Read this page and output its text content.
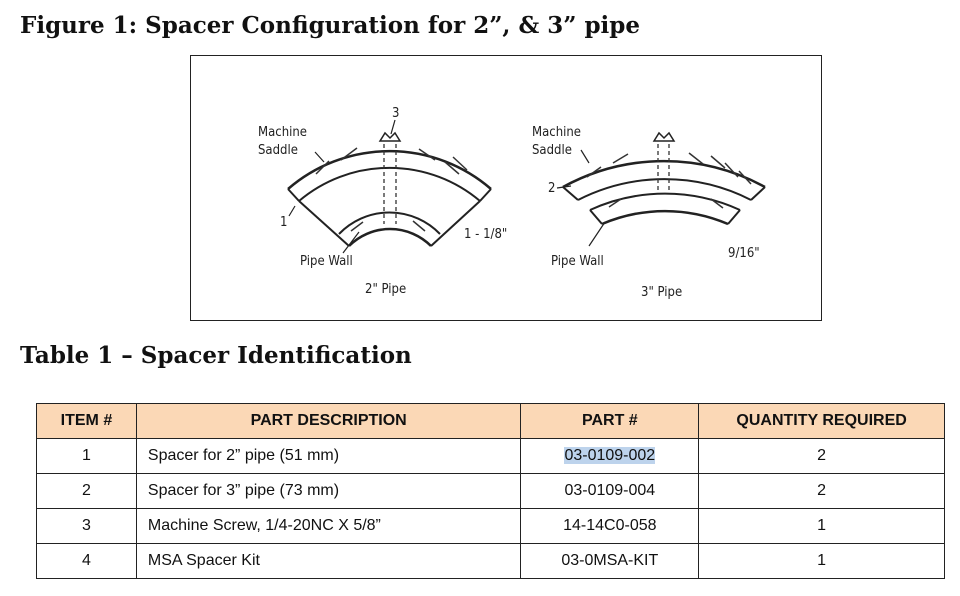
Figure 1: Spacer Configuration for 2”, & 3” pipe
Machine
Saddle
3
1
Pipe Wall
1 - 1/8"
2" Pipe
Machine
Saddle
2
Pipe Wall
9/16"
3" Pipe
Table 1 – Spacer Identification
ITEM #	PART DESCRIPTION	PART #	QUANTITY REQUIRED
1	Spacer for 2” pipe (51 mm)	03-0109-002	2
2	Spacer for 3” pipe (73 mm)	03-0109-004	2
3	Machine Screw, 1/4-20NC X 5/8”	14-14C0-058	1
4	MSA Spacer Kit	03-0MSA-KIT	1
